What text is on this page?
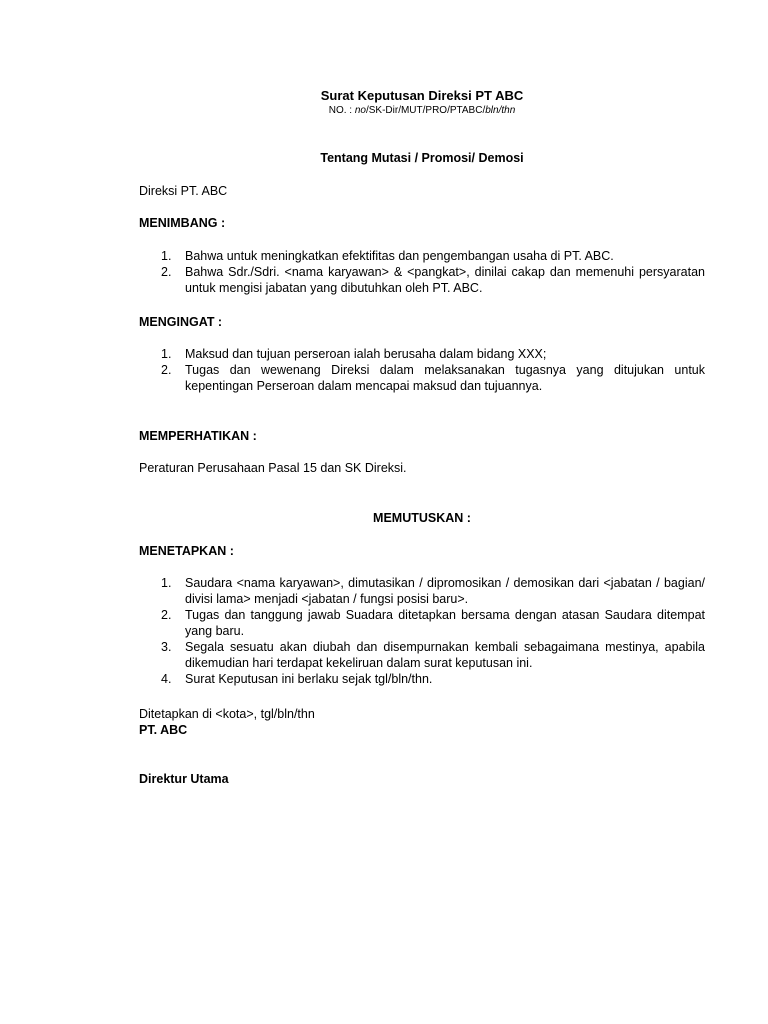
Surat Keputusan Direksi PT ABC
NO. : no/SK-Dir/MUT/PRO/PTABC/bln/thn
Tentang Mutasi / Promosi/ Demosi
Direksi PT. ABC
MENIMBANG :
1. Bahwa untuk meningkatkan efektifitas dan pengembangan usaha di PT. ABC.
2. Bahwa Sdr./Sdri. <nama karyawan> & <pangkat>, dinilai cakap dan memenuhi persyaratan untuk mengisi jabatan yang dibutuhkan oleh PT. ABC.
MENGINGAT :
1. Maksud dan tujuan perseroan ialah berusaha dalam bidang XXX;
2. Tugas dan wewenang Direksi dalam melaksanakan tugasnya yang ditujukan untuk kepentingan Perseroan dalam mencapai maksud dan tujuannya.
MEMPERHATIKAN :
Peraturan Perusahaan Pasal 15 dan SK Direksi.
MEMUTUSKAN :
MENETAPKAN :
1. Saudara <nama karyawan>, dimutasikan / dipromosikan / demosikan dari <jabatan / bagian/ divisi lama> menjadi <jabatan / fungsi posisi baru>.
2. Tugas dan tanggung jawab Suadara ditetapkan bersama dengan atasan Saudara ditempat yang baru.
3. Segala sesuatu akan diubah dan disempurnakan kembali sebagaimana mestinya, apabila dikemudian hari terdapat kekeliruan dalam surat keputusan ini.
4. Surat Keputusan ini berlaku sejak tgl/bln/thn.
Ditetapkan di <kota>, tgl/bln/thn
PT. ABC
Direktur Utama
